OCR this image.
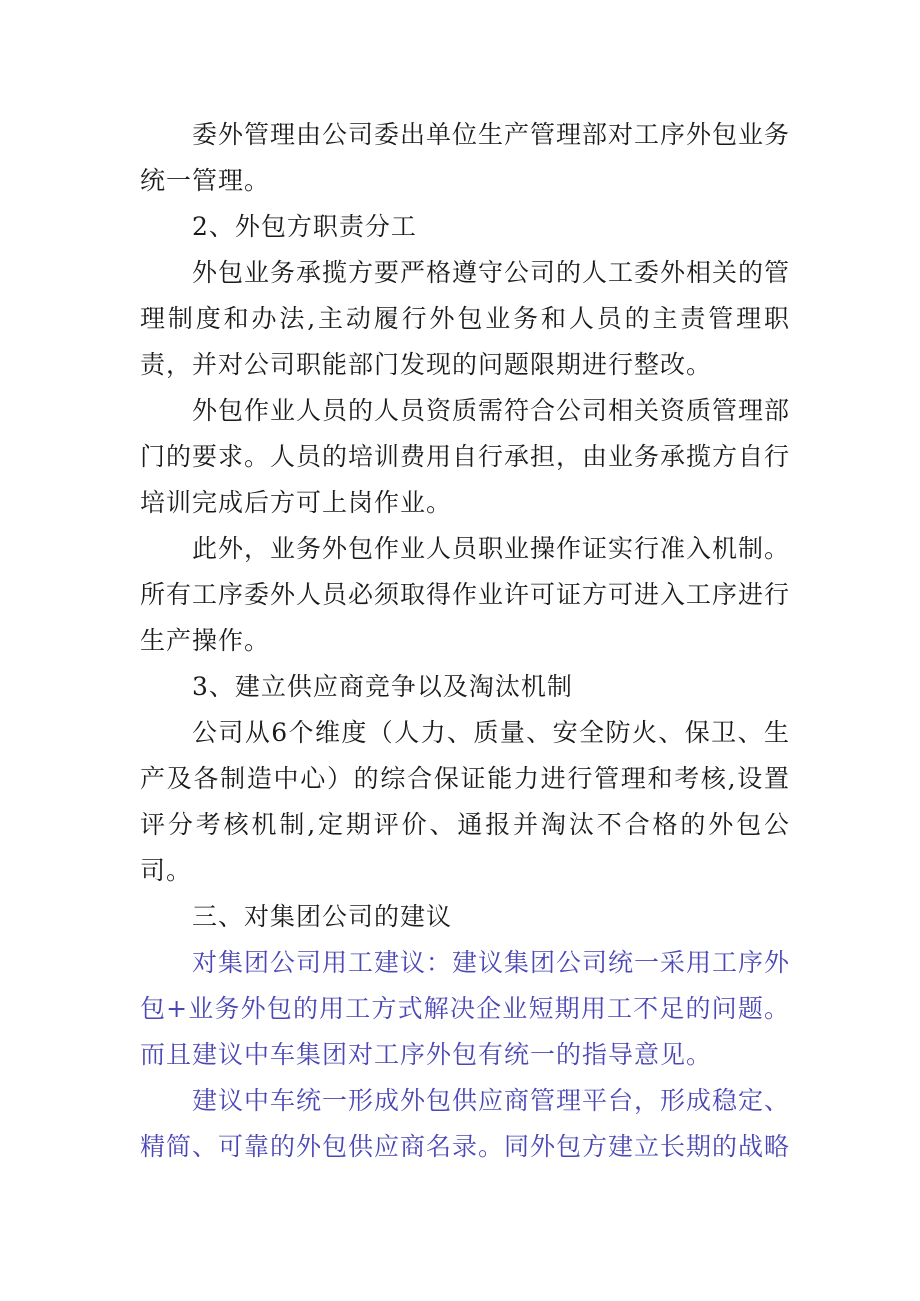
委外管理由公司委出单位生产管理部对工序外包业务统一管理。

2、外包方职责分工

外包业务承揽方要严格遵守公司的人工委外相关的管理制度和办法,主动履行外包业务和人员的主责管理职责，并对公司职能部门发现的问题限期进行整改。

外包作业人员的人员资质需符合公司相关资质管理部门的要求。人员的培训费用自行承担，由业务承揽方自行培训完成后方可上岗作业。

此外，业务外包作业人员职业操作证实行准入机制。所有工序委外人员必须取得作业许可证方可进入工序进行生产操作。

3、建立供应商竞争以及淘汰机制

公司从6个维度（人力、质量、安全防火、保卫、生产及各制造中心）的综合保证能力进行管理和考核,设置评分考核机制,定期评价、通报并淘汰不合格的外包公司。

三、对集团公司的建议

对集团公司用工建议：建议集团公司统一采用工序外包+业务外包的用工方式解决企业短期用工不足的问题。而且建议中车集团对工序外包有统一的指导意见。

建议中车统一形成外包供应商管理平台，形成稳定、精简、可靠的外包供应商名录。同外包方建立长期的战略
